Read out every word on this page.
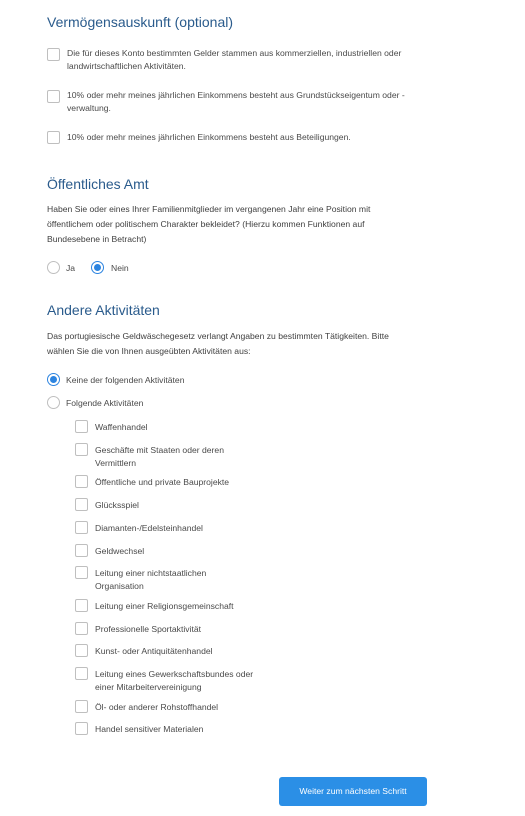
Vermögensauskunft (optional)
Die für dieses Konto bestimmten Gelder stammen aus kommerziellen, industriellen oder landwirtschaftlichen Aktivitäten.
10% oder mehr meines jährlichen Einkommens besteht aus Grundstückseigentum oder -verwaltung.
10% oder mehr meines jährlichen Einkommens besteht aus Beteiligungen.
Öffentliches Amt
Haben Sie oder eines Ihrer Familienmitglieder im vergangenen Jahr eine Position mit öffentlichem oder politischem Charakter bekleidet? (Hierzu kommen Funktionen auf Bundesebene in Betracht)
Ja	Nein
Andere Aktivitäten
Das portugiesische Geldwäschegesetz verlangt Angaben zu bestimmten Tätigkeiten. Bitte wählen Sie die von Ihnen ausgeübten Aktivitäten aus:
Keine der folgenden Aktivitäten
Folgende Aktivitäten
Waffenhandel
Geschäfte mit Staaten oder deren Vermittlern
Öffentliche und private Bauprojekte
Glücksspiel
Diamanten-/Edelsteinhandel
Geldwechsel
Leitung einer nichtstaatlichen Organisation
Leitung einer Religionsgemeinschaft
Professionelle Sportaktivität
Kunst- oder Antiquitätenhandel
Leitung eines Gewerkschaftsbundes oder einer Mitarbeitervereinigung
Öl- oder anderer Rohstoffhandel
Handel sensitiver Materialen
Weiter zum nächsten Schritt
